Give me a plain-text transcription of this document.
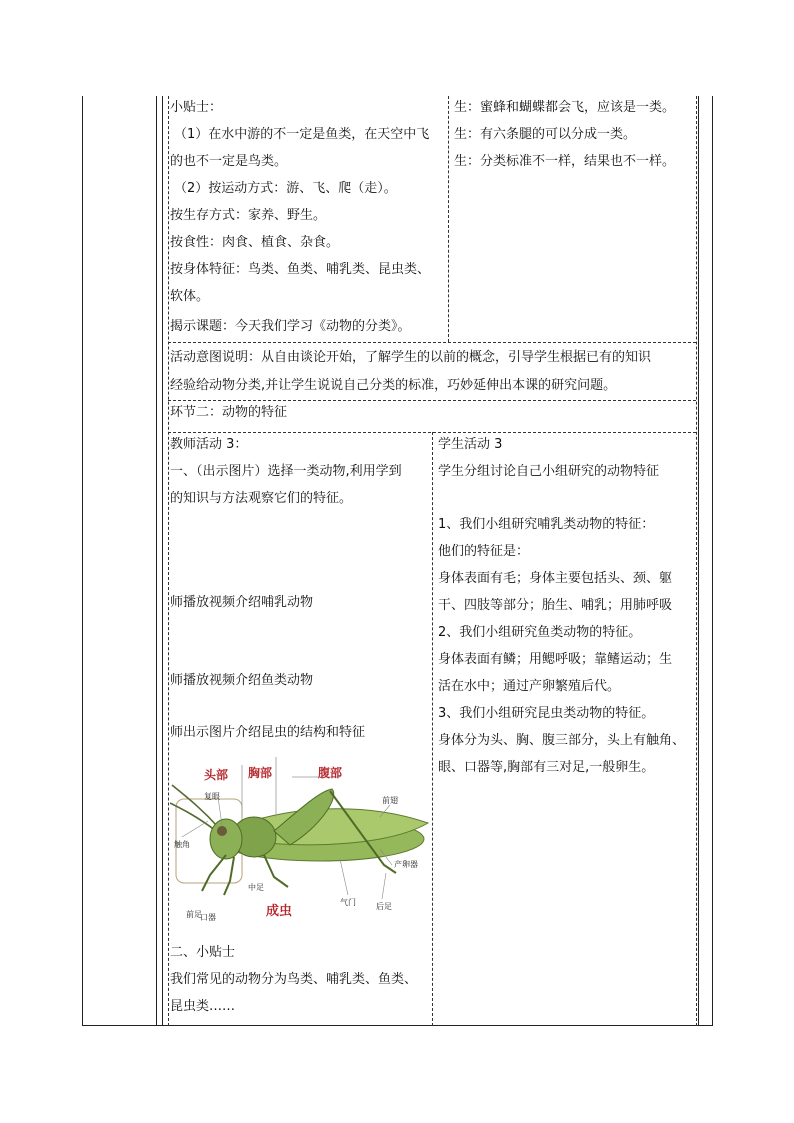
小贴士：
（1）在水中游的不一定是鱼类，在天空中飞
的也不一定是鸟类。
（2）按运动方式：游、飞、爬（走）。
按生存方式：家养、野生。
按食性：肉食、植食、杂食。
按身体特征：鸟类、鱼类、哺乳类、昆虫类、
软体。
揭示课题：今天我们学习《动物的分类》。
生：蜜蜂和蝴蝶都会飞，应该是一类。
生：有六条腿的可以分成一类。
生：分类标准不一样，结果也不一样。
活动意图说明：从自由谈论开始，了解学生的以前的概念，引导学生根据已有的知识
经验给动物分类,并让学生说说自己分类的标准，巧妙延伸出本课的研究问题。
环节二：动物的特征
教师活动 3：
一、（出示图片）选择一类动物,利用学到
的知识与方法观察它们的特征。
师播放视频介绍哺乳动物
师播放视频介绍鱼类动物
师出示图片介绍昆虫的结构和特征
头部 胸部	腹部
复眼
触角
前翅
产卵器
中足
气门	后足
前足
口器	成虫
二、小贴士
我们常见的动物分为鸟类、哺乳类、鱼类、
昆虫类……
学生活动 3
学生分组讨论自己小组研究的动物特征
1、我们小组研究哺乳类动物的特征：
他们的特征是：
身体表面有毛；身体主要包括头、颈、躯
干、四肢等部分；胎生、哺乳；用肺呼吸
2、我们小组研究鱼类动物的特征。
身体表面有鳞；用鳃呼吸；靠鳍运动；生
活在水中；通过产卵繁殖后代。
3、我们小组研究昆虫类动物的特征。
身体分为头、胸、腹三部分，头上有触角、
眼、口器等,胸部有三对足,一般卵生。
